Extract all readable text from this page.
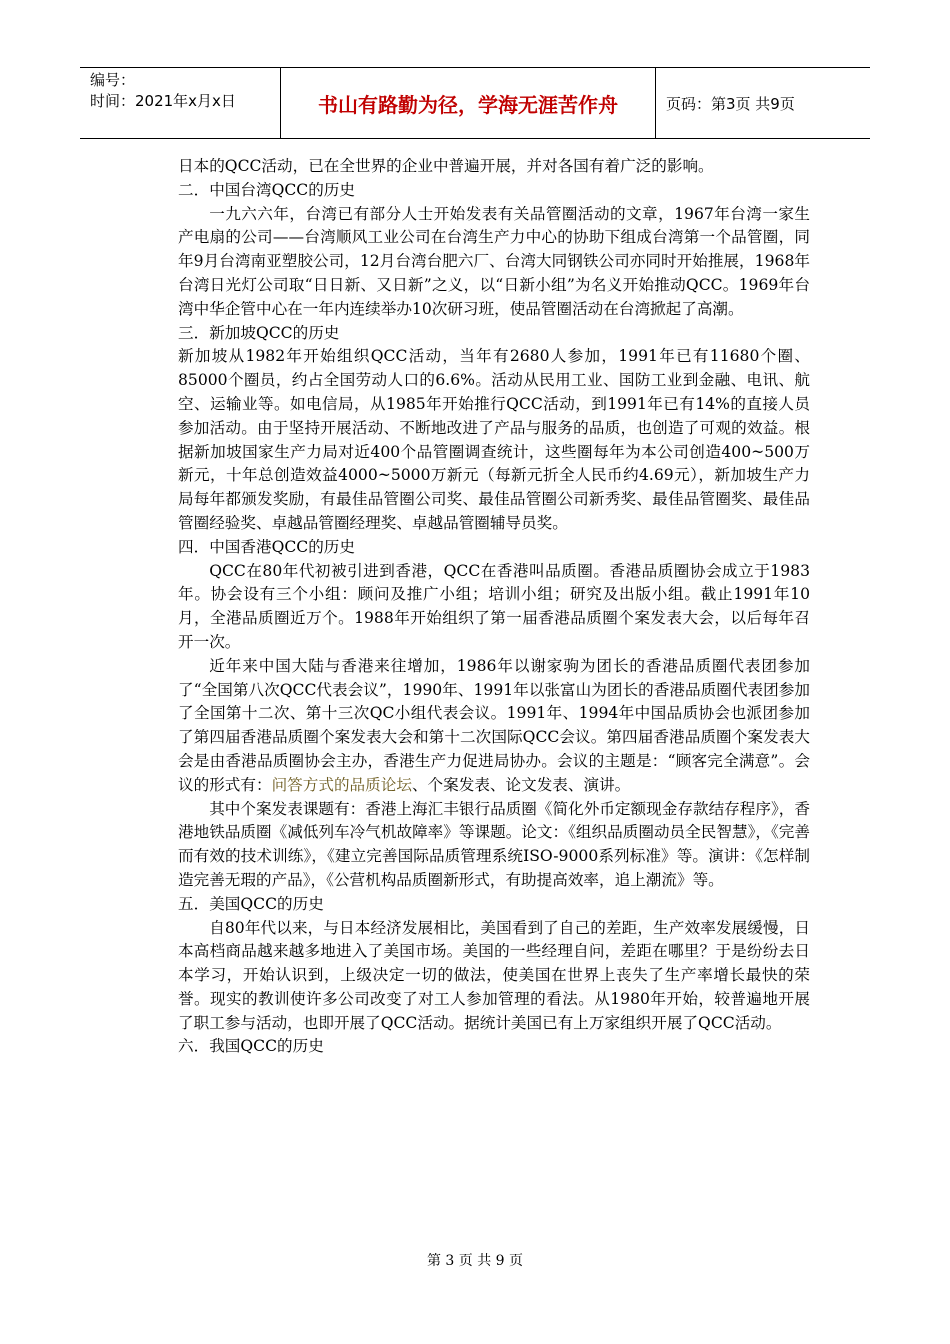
编号：
时间：2021年x月x日	书山有路勤为径，学海无涯苦作舟	页码：第3页 共9页

日本的QCC活动，已在全世界的企业中普遍开展，并对各国有着广泛的影响。

二．中国台湾QCC的历史

一九六六年，台湾已有部分人士开始发表有关品管圈活动的文章，1967年台湾一家生产电扇的公司——台湾顺风工业公司在台湾生产力中心的协助下组成台湾第一个品管圈，同年9月台湾南亚塑胶公司，12月台湾台肥六厂、台湾大同钢铁公司亦同时开始推展，1968年台湾日光灯公司取“日日新、又日新”之义，以“日新小组”为名义开始推动QCC。1969年台湾中华企管中心在一年内连续举办10次研习班，使品管圈活动在台湾掀起了高潮。

三．新加坡QCC的历史

新加坡从1982年开始组织QCC活动，当年有2680人参加，1991年已有11680个圈、85000个圈员，约占全国劳动人口的6.6%。活动从民用工业、国防工业到金融、电讯、航空、运输业等。如电信局，从1985年开始推行QCC活动，到1991年已有14%的直接人员参加活动。由于坚持开展活动、不断地改进了产品与服务的品质，也创造了可观的效益。根据新加坡国家生产力局对近400个品管圈调查统计，这些圈每年为本公司创造400~500万新元，十年总创造效益4000~5000万新元（每新元折全人民币约4.69元），新加坡生产力局每年都颁发奖励，有最佳品管圈公司奖、最佳品管圈公司新秀奖、最佳品管圈奖、最佳品管圈经验奖、卓越品管圈经理奖、卓越品管圈辅导员奖。

四．中国香港QCC的历史

QCC在80年代初被引进到香港，QCC在香港叫品质圈。香港品质圈协会成立于1983年。协会设有三个小组：顾问及推广小组；培训小组；研究及出版小组。截止1991年10月，全港品质圈近万个。1988年开始组织了第一届香港品质圈个案发表大会，以后每年召开一次。

近年来中国大陆与香港来往增加，1986年以谢家驹为团长的香港品质圈代表团参加了“全国第八次QCC代表会议”，1990年、1991年以张富山为团长的香港品质圈代表团参加了全国第十二次、第十三次QC小组代表会议。1991年、1994年中国品质协会也派团参加了第四届香港品质圈个案发表大会和第十二次国际QCC会议。第四届香港品质圈个案发表大会是由香港品质圈协会主办，香港生产力促进局协办。会议的主题是：“顾客完全满意”。会议的形式有：问答方式的品质论坛、个案发表、论文发表、演讲。

其中个案发表课题有：香港上海汇丰银行品质圈《简化外币定额现金存款结存程序》，香港地铁品质圈《减低列车冷气机故障率》等课题。论文：《组织品质圈动员全民智慧》，《完善而有效的技术训练》，《建立完善国际品质管理系统ISO-9000系列标准》等。演讲：《怎样制造完善无瑕的产品》，《公营机构品质圈新形式，有助提高效率，追上潮流》等。

五．美国QCC的历史

自80年代以来，与日本经济发展相比，美国看到了自己的差距，生产效率发展缓慢，日本高档商品越来越多地进入了美国市场。美国的一些经理自问，差距在哪里？于是纷纷去日本学习，开始认识到，上级决定一切的做法，使美国在世界上丧失了生产率增长最快的荣誉。现实的教训使许多公司改变了对工人参加管理的看法。从1980年开始，较普遍地开展了职工参与活动，也即开展了QCC活动。据统计美国已有上万家组织开展了QCC活动。

六．我国QCC的历史

第 3 页 共 9 页
